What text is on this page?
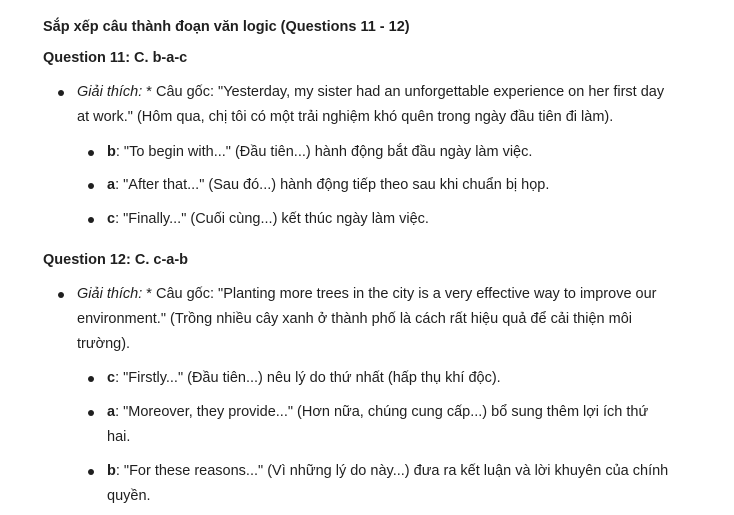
Sắp xếp câu thành đoạn văn logic (Questions 11 - 12)
Question 11: C. b-a-c
Giải thích: * Câu gốc: "Yesterday, my sister had an unforgettable experience on her first day at work." (Hôm qua, chị tôi có một trải nghiệm khó quên trong ngày đầu tiên đi làm).
b: "To begin with..." (Đầu tiên...) hành động bắt đầu ngày làm việc.
a: "After that..." (Sau đó...) hành động tiếp theo sau khi chuẩn bị họp.
c: "Finally..." (Cuối cùng...) kết thúc ngày làm việc.
Question 12: C. c-a-b
Giải thích: * Câu gốc: "Planting more trees in the city is a very effective way to improve our environment." (Trồng nhiều cây xanh ở thành phố là cách rất hiệu quả để cải thiện môi trường).
c: "Firstly..." (Đầu tiên...) nêu lý do thứ nhất (hấp thụ khí độc).
a: "Moreover, they provide..." (Hơn nữa, chúng cung cấp...) bổ sung thêm lợi ích thứ hai.
b: "For these reasons..." (Vì những lý do này...) đưa ra kết luận và lời khuyên của chính quyền.
